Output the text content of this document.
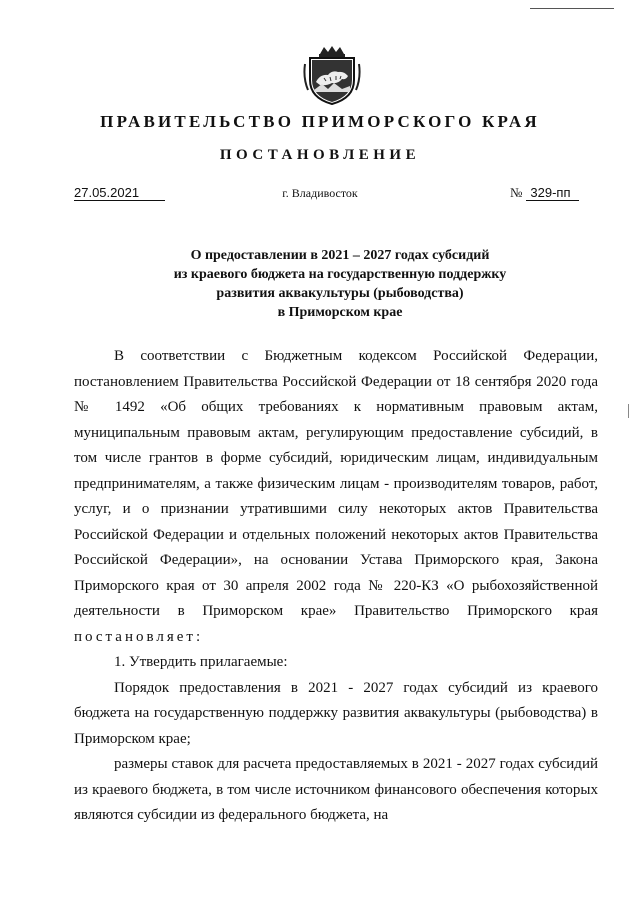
ПРАВИТЕЛЬСТВО ПРИМОРСКОГО КРАЯ
ПОСТАНОВЛЕНИЕ
27.05.2021	г. Владивосток	№ 329-пп
О предоставлении в 2021 – 2027 годах субсидий
из краевого бюджета на государственную поддержку
развития аквакультуры (рыбоводства)
в Приморском крае

В соответствии с Бюджетным кодексом Российской Федерации, постановлением Правительства Российской Федерации от 18 сентября 2020 года № 1492 «Об общих требованиях к нормативным правовым актам, муниципальным правовым актам, регулирующим предоставление субсидий, в том числе грантов в форме субсидий, юридическим лицам, индивидуальным предпринимателям, а также физическим лицам - производителям товаров, работ, услуг, и о признании утратившими силу некоторых актов Правительства Российской Федерации и отдельных положений некоторых актов Правительства Российской Федерации», на основании Устава Приморского края, Закона Приморского края от 30 апреля 2002 года № 220-КЗ «О рыбохозяйственной деятельности в Приморском крае» Правительство Приморского края постановляет:

1. Утвердить прилагаемые:

Порядок предоставления в 2021 - 2027 годах субсидий из краевого бюджета на государственную поддержку развития аквакультуры (рыбоводства) в Приморском крае;

размеры ставок для расчета предоставляемых в 2021 - 2027 годах субсидий из краевого бюджета, в том числе источником финансового обеспечения которых являются субсидии из федерального бюджета, на
